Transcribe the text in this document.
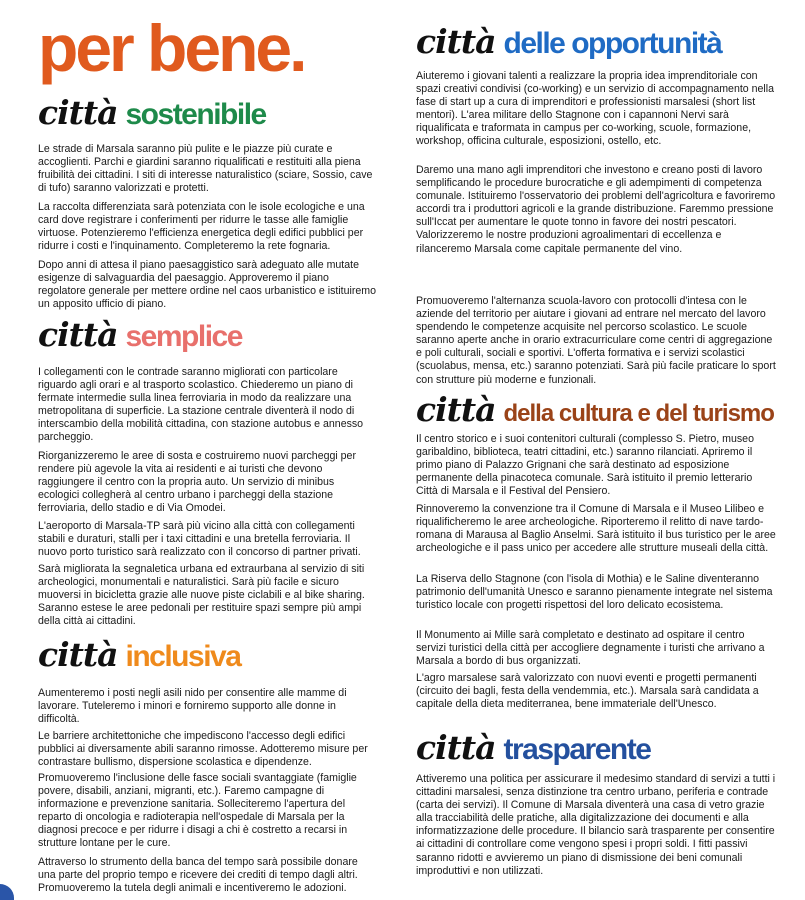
per bene.
città sostenibile

Le strade di Marsala saranno più pulite e le piazze più curate e accoglienti. Parchi e giardini saranno riqualificati e restituiti alla piena fruibilità dei cittadini. I siti di interesse naturalistico (sciare, Sossio, cave di tufo) saranno valorizzati e protetti.

La raccolta differenziata sarà potenziata con le isole ecologiche e una card dove registrare i conferimenti per ridurre le tasse alle famiglie virtuose. Potenzieremo l'efficienza energetica degli edifici pubblici per ridurre i costi e l'inquinamento. Completeremo la rete fognaria.

Dopo anni di attesa il piano paesaggistico sarà adeguato alle mutate esigenze di salvaguardia del paesaggio. Approveremo il piano regolatore generale per mettere ordine nel caos urbanistico e istituiremo un apposito ufficio di piano.

città semplice

I collegamenti con le contrade saranno migliorati con particolare riguardo agli orari e al trasporto scolastico. Chiederemo un piano di fermate intermedie sulla linea ferroviaria in modo da realizzare una metropolitana di superficie. La stazione centrale diventerà il nodo di interscambio della mobilità cittadina, con stazione autobus e annesso parcheggio.

Riorganizzeremo le aree di sosta e costruiremo nuovi parcheggi per rendere più agevole la vita ai residenti e ai turisti che devono raggiungere il centro con la propria auto. Un servizio di minibus ecologici collegherà al centro urbano i parcheggi della stazione ferroviaria, dello stadio e di Via Omodei.

L'aeroporto di Marsala-TP sarà più vicino alla città con collegamenti stabili e duraturi, stalli per i taxi cittadini e una bretella ferroviaria. Il nuovo porto turistico sarà realizzato con il concorso di partner privati.

Sarà migliorata la segnaletica urbana ed extraurbana al servizio di siti archeologici, monumentali e naturalistici. Sarà più facile e sicuro muoversi in bicicletta grazie alle nuove piste ciclabili e al bike sharing. Saranno estese le aree pedonali per restituire spazi sempre più ampi della città ai cittadini.

città inclusiva

Aumenteremo i posti negli asili nido per consentire alle mamme di lavorare. Tuteleremo i minori e forniremo supporto alle donne in difficoltà.

Le barriere architettoniche che impediscono l'accesso degli edifici pubblici ai diversamente abili saranno rimosse. Adotteremo misure per contrastare bullismo, dispersione scolastica e dipendenze.

Promuoveremo l'inclusione delle fasce sociali svantaggiate (famiglie povere, disabili, anziani, migranti, etc.). Faremo campagne di informazione e prevenzione sanitaria. Solleciteremo l'apertura del reparto di oncologia e radioterapia nell'ospedale di Marsala per la diagnosi precoce e per ridurre i disagi a chi è costretto a recarsi in strutture lontane per le cure.

Attraverso lo strumento della banca del tempo sarà possibile donare una parte del proprio tempo e ricevere dei crediti di tempo dagli altri. Promuoveremo la tutela degli animali e incentiveremo le adozioni.

città delle opportunità

Aiuteremo i giovani talenti a realizzare la propria idea imprenditoriale con spazi creativi condivisi (co-working) e un servizio di accompagnamento nella fase di start up a cura di imprenditori e professionisti marsalesi (short list mentori). L'area militare dello Stagnone con i capannoni Nervi sarà riqualificata e traformata in campus per co-working, scuole, formazione, workshop, officina culturale, esposizioni, ostello, etc.

Daremo una mano agli imprenditori che investono e creano posti di lavoro semplificando le procedure burocratiche e gli adempimenti di competenza comunale. Istituiremo l'osservatorio dei problemi dell'agricoltura e favoriremo accordi tra i produttori agricoli e la grande distribuzione. Faremmo pressione sull'Iccat per aumentare le quote tonno in favore dei nostri pescatori. Valorizzeremo le nostre produzioni agroalimentari di eccellenza e rilanceremo Marsala come capitale permanente del vino.

Promuoveremo l'alternanza scuola-lavoro con protocolli d'intesa con le aziende del territorio per aiutare i giovani ad entrare nel mercato del lavoro spendendo le competenze acquisite nel percorso scolastico. Le scuole saranno aperte anche in orario extracurriculare come centri di aggregazione e poli culturali, sociali e sportivi. L'offerta formativa e i servizi scolastici (scuolabus, mensa, etc.) saranno potenziati. Sarà più facile praticare lo sport con strutture più moderne e funzionali.

città della cultura e del turismo

Il centro storico e i suoi contenitori culturali (complesso S. Pietro, museo garibaldino, biblioteca, teatri cittadini, etc.) saranno rilanciati. Apriremo il primo piano di Palazzo Grignani che sarà destinato ad esposizione permanente della pinacoteca comunale. Sarà istituito il premio letterario Città di Marsala e il Festival del Pensiero.

Rinnoveremo la convenzione tra il Comune di Marsala e il Museo Lilibeo e riqualificheremo le aree archeologiche. Riporteremo il relitto di nave tardo-romana di Marausa al Baglio Anselmi. Sarà istituito il bus turistico per le aree archeologiche e il pass unico per accedere alle strutture museali della città.

La Riserva dello Stagnone (con l'isola di Mothia) e le Saline diventeranno patrimonio dell'umanità Unesco e saranno pienamente integrate nel sistema turistico locale con progetti rispettosi del loro delicato ecosistema.

Il Monumento ai Mille sarà completato e destinato ad ospitare il centro servizi turistici della città per accogliere degnamente i turisti che arrivano a Marsala a bordo di bus organizzati.

L'agro marsalese sarà valorizzato con nuovi eventi e progetti permanenti (circuito dei bagli, festa della vendemmia, etc.). Marsala sarà candidata a capitale della dieta mediterranea, bene immateriale dell'Unesco.

città trasparente

Attiveremo una politica per assicurare il medesimo standard di servizi a tutti i cittadini marsalesi, senza distinzione tra centro urbano, periferia e contrade (carta dei servizi). Il Comune di Marsala diventerà una casa di vetro grazie alla tracciabilità delle pratiche, alla digitalizzazione dei documenti e alla informatizzazione delle procedure. Il bilancio sarà trasparente per consentire ai cittadini di controllare come vengono spesi i propri soldi. I fitti passivi saranno ridotti e avvieremo un piano di dismissione dei beni comunali improduttivi e non utilizzati.
